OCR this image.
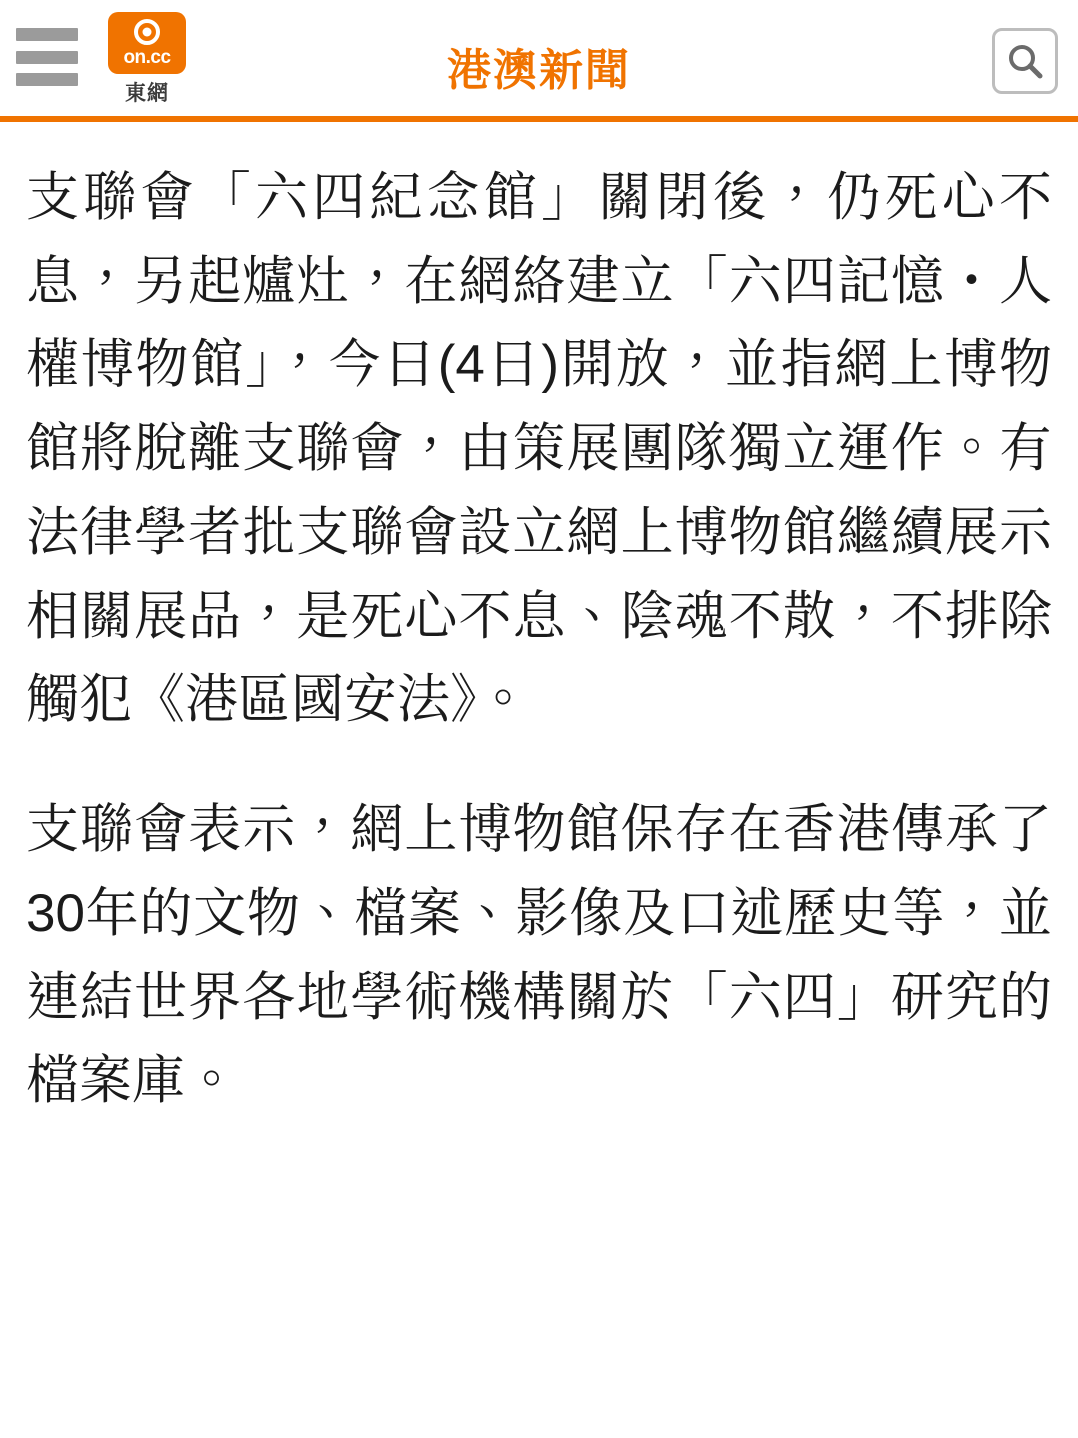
on.cc
東網	港澳新聞

支聯會「六四紀念館」關閉後，仍死心不息，另起爐灶，在網絡建立「六四記憶・人權博物館」，今日(4日)開放，並指網上博物館將脫離支聯會，由策展團隊獨立運作。有法律學者批支聯會設立網上博物館繼續展示相關展品，是死心不息、陰魂不散，不排除觸犯《港區國安法》。

支聯會表示，網上博物館保存在香港傳承了30年的文物、檔案、影像及口述歷史等，並連結世界各地學術機構關於「六四」研究的檔案庫。
